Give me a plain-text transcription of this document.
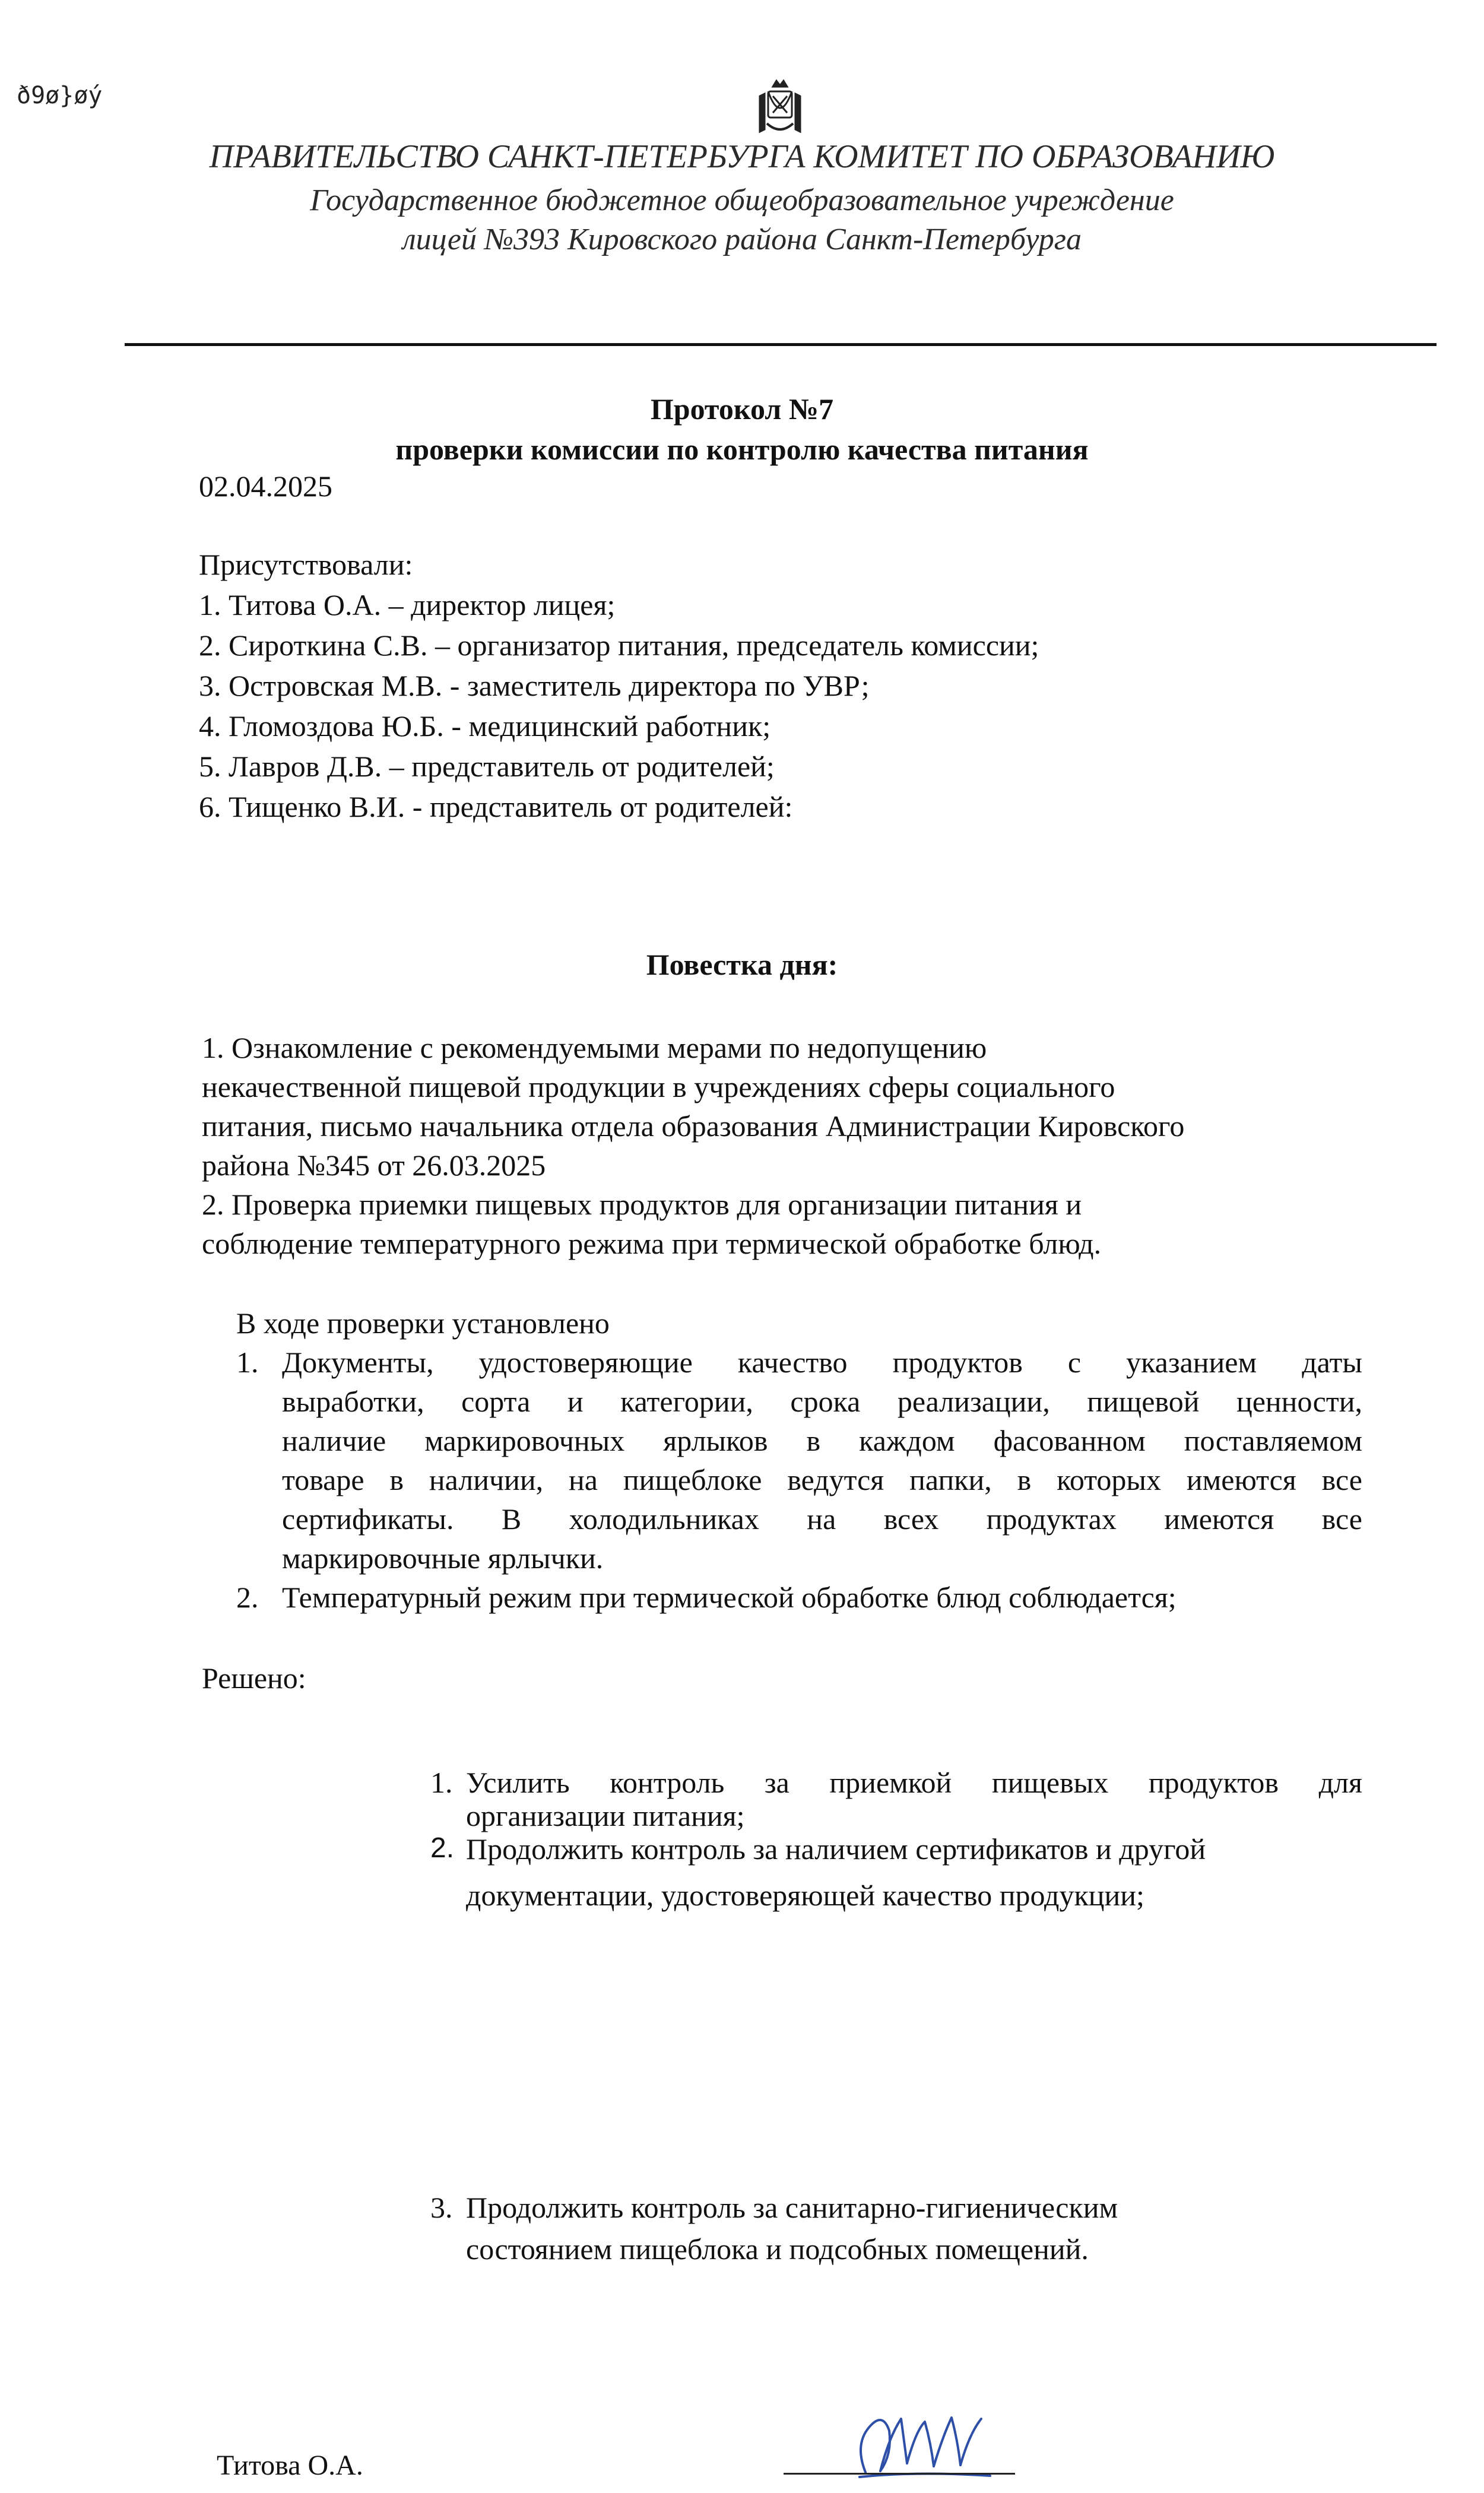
ð9ø}øý
ПРАВИТЕЛЬСТВО САНКТ-ПЕТЕРБУРГА КОМИТЕТ ПО ОБРАЗОВАНИЮ
Государственное бюджетное общеобразовательное учреждение
лицей №393 Кировского района Санкт-Петербурга
Протокол №7
проверки комиссии по контролю качества питания
02.04.2025
Присутствовали:
1. Титова О.А. – директор лицея;
2. Сироткина С.В. – организатор питания, председатель комиссии;
3. Островская М.В. - заместитель директора по УВР;
4. Гломоздова Ю.Б. - медицинский работник;
5. Лавров Д.В. – представитель от родителей;
6. Тищенко В.И. - представитель от родителей:
Повестка дня:
1. Ознакомление с рекомендуемыми мерами по недопущению
некачественной пищевой продукции в учреждениях сферы социального
питания, письмо начальника отдела образования Администрации Кировского
района №345 от 26.03.2025
2. Проверка приемки пищевых продуктов для организации питания и
соблюдение температурного режима при термической обработке блюд.
В ходе проверки установлено
1. Документы, удостоверяющие качество продуктов с указанием даты
выработки, сорта и категории, срока реализации, пищевой ценности,
наличие маркировочных ярлыков в каждом фасованном поставляемом
товаре в наличии, на пищеблоке ведутся папки, в которых имеются все
сертификаты. В холодильниках на всех продуктах имеются все
маркировочные ярлычки.
2. Температурный режим при термической обработке блюд соблюдается;
Решено:
1. Усилить контроль за приемкой пищевых продуктов для
организации питания;
2. Продолжить контроль за наличием сертификатов и другой
документации, удостоверяющей качество продукции;
3. Продолжить контроль за санитарно-гигиеническим
состоянием пищеблока и подсобных помещений.
Титова О.А.
